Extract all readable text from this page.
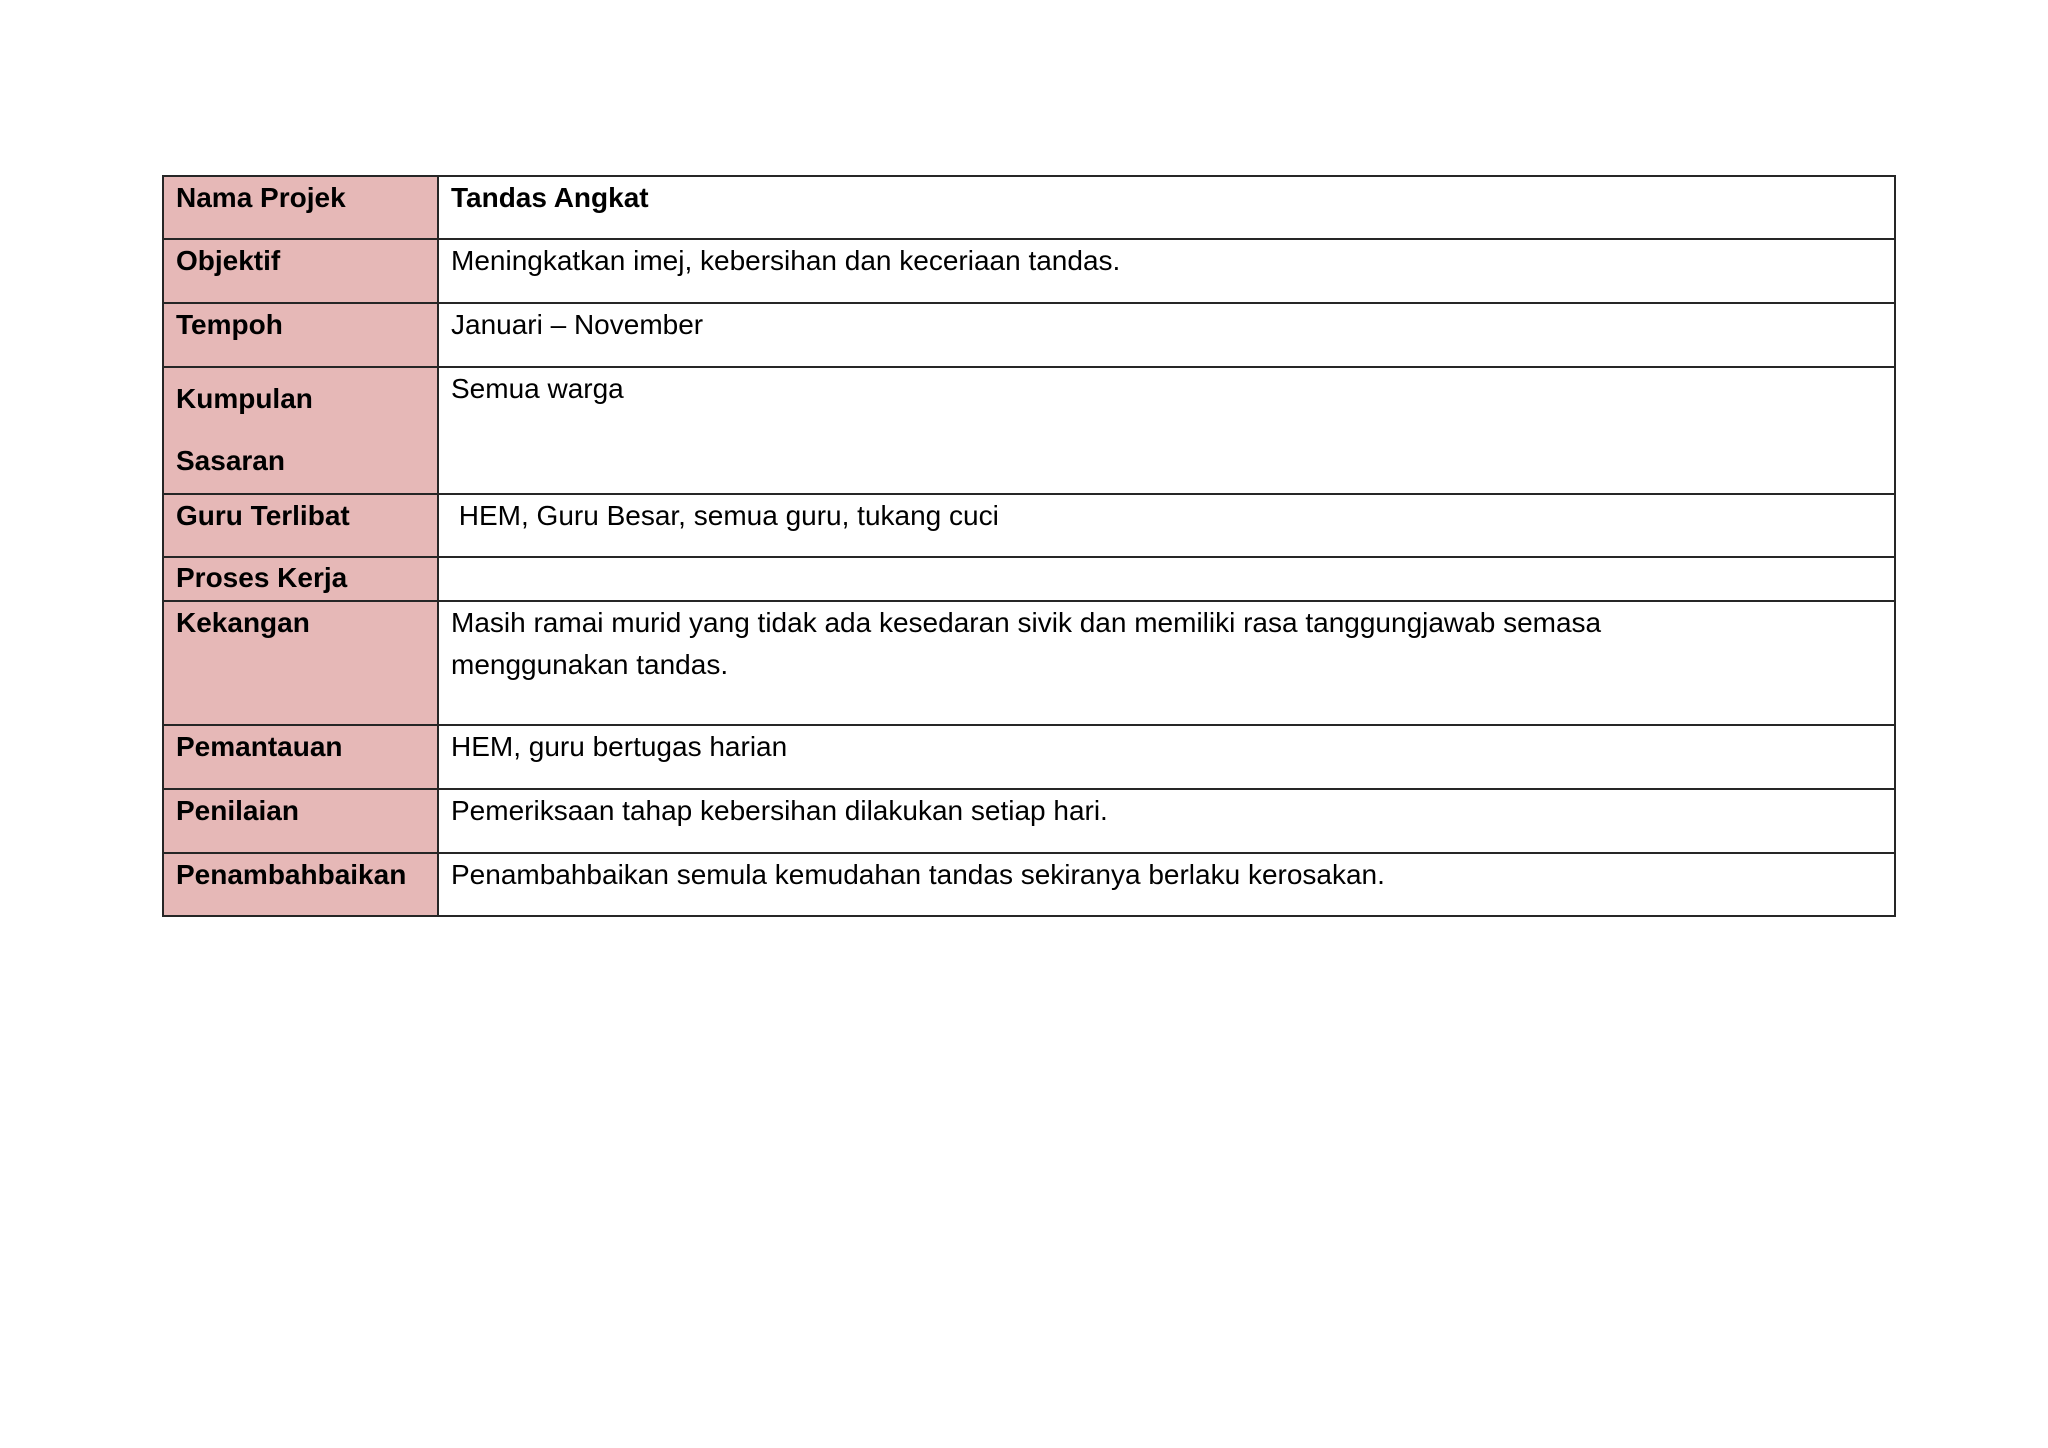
Nama Projek	Tandas Angkat
Objektif	Meningkatkan imej, kebersihan dan keceriaan tandas.
Tempoh	Januari – November

Kumpulan
Sasaran	Semua warga
Guru Terlibat	HEM, Guru Besar, semua guru, tukang cuci
Proses Kerja	
Kekangan	Masih ramai murid yang tidak ada kesedaran sivik dan memiliki rasa tanggungjawab semasa
menggunakan tandas.

Pemantauan	HEM, guru bertugas harian
Penilaian	Pemeriksaan tahap kebersihan dilakukan setiap hari.
Penambahbaikan	Penambahbaikan semula kemudahan tandas sekiranya berlaku kerosakan.
